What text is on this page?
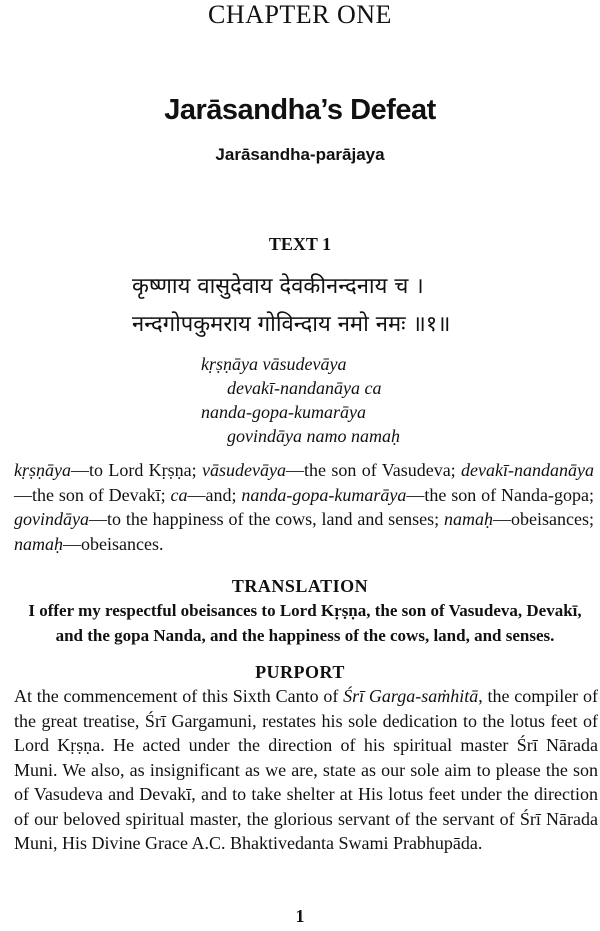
CHAPTER ONE
Jarāsandha’s Defeat
Jarāsandha-parājaya
TEXT 1
कृष्णाय वासुदेवाय देवकीनन्दनाय च ।
नन्दगोपकुमराय गोविन्दाय नमो नमः ॥१॥
kṛṣṇāya vāsudevāya
devakī-nandanāya ca
nanda-gopa-kumarāya
govindāya namo namaḥ
kṛṣṇāya—to Lord Kṛṣṇa; vāsudevāya—the son of Vasudeva; devakī-nandanāya—the son of Devakī; ca—and; nanda-gopa-kumarāya—the son of Nanda-gopa; govindāya—to the happiness of the cows, land and senses; namaḥ—obeisances; namaḥ—obeisances.
TRANSLATION
I offer my respectful obeisances to Lord Kṛṣṇa, the son of Vasudeva, Devakī, and the gopa Nanda, and the happiness of the cows, land, and senses.
PURPORT
At the commencement of this Sixth Canto of Śrī Garga-saṁhitā, the compiler of the great treatise, Śrī Gargamuni, restates his sole dedication to the lotus feet of Lord Kṛṣṇa. He acted under the direction of his spiritual master Śrī Nārada Muni. We also, as insignificant as we are, state as our sole aim to please the son of Vasudeva and Devakī, and to take shelter at His lotus feet under the direction of our beloved spiritual master, the glorious servant of the servant of Śrī Nārada Muni, His Divine Grace A.C. Bhaktivedanta Swami Prabhupāda.
1
